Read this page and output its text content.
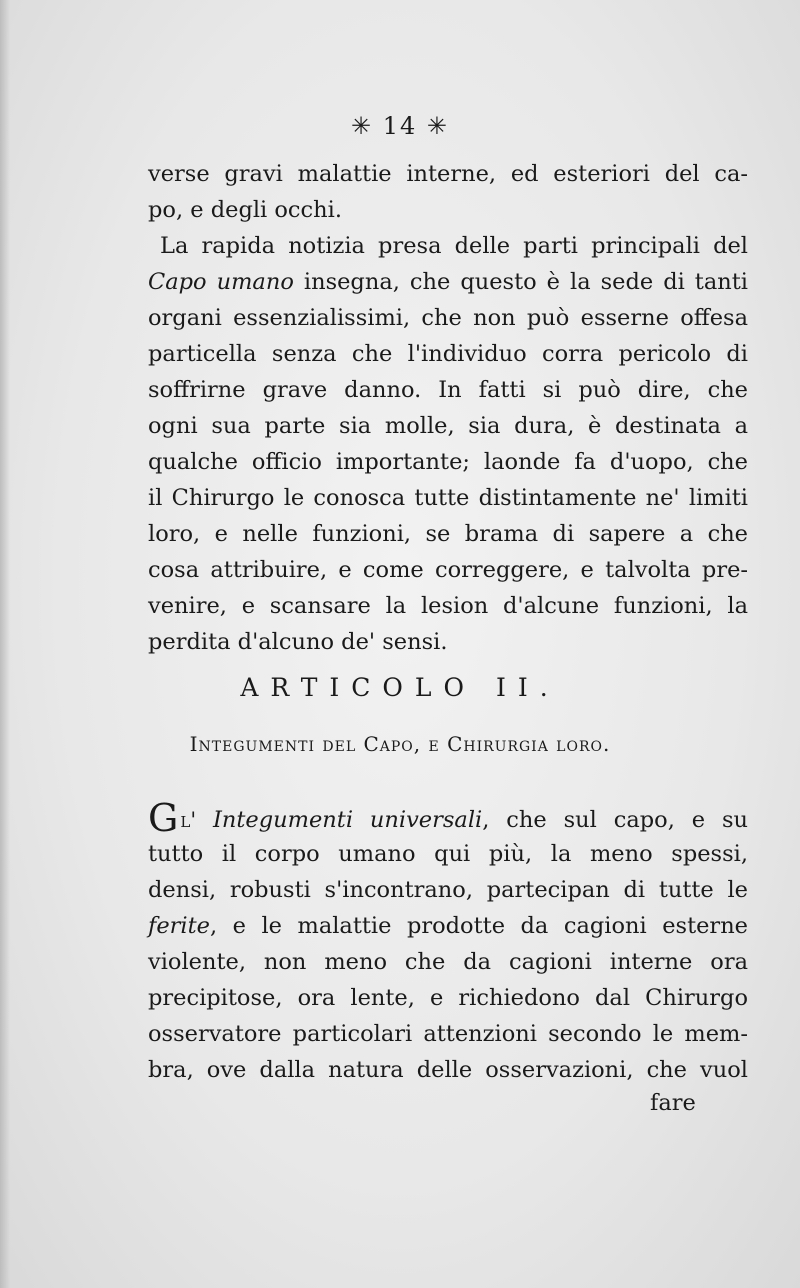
✳ 14 ✳
verse gravi malattie interne, ed esteriori del ca-
po, e degli occhi.
La rapida notizia presa delle parti principali del
Capo umano insegna, che questo è la sede di tanti
organi essenzialissimi, che non può esserne offesa
particella senza che l'individuo corra pericolo di
soffrirne grave danno. In fatti si può dire, che
ogni sua parte sia molle, sia dura, è destinata a
qualche officio importante; laonde fa d'uopo, che
il Chirurgo le conosca tutte distintamente ne' limiti
loro, e nelle funzioni, se brama di sapere a che
cosa attribuire, e come correggere, e talvolta pre-
venire, e scansare la lesion d'alcune funzioni, la
perdita d'alcuno de' sensi.
ARTICOLO II.
Integumenti del Capo, e Chirurgia loro.
Gl' Integumenti universali, che sul capo, e su
tutto il corpo umano qui più, la meno spessi,
densi, robusti s'incontrano, partecipan di tutte le
ferite, e le malattie prodotte da cagioni esterne
violente, non meno che da cagioni interne ora
precipitose, ora lente, e richiedono dal Chirurgo
osservatore particolari attenzioni secondo le mem-
bra, ove dalla natura delle osservazioni, che vuol
fare
